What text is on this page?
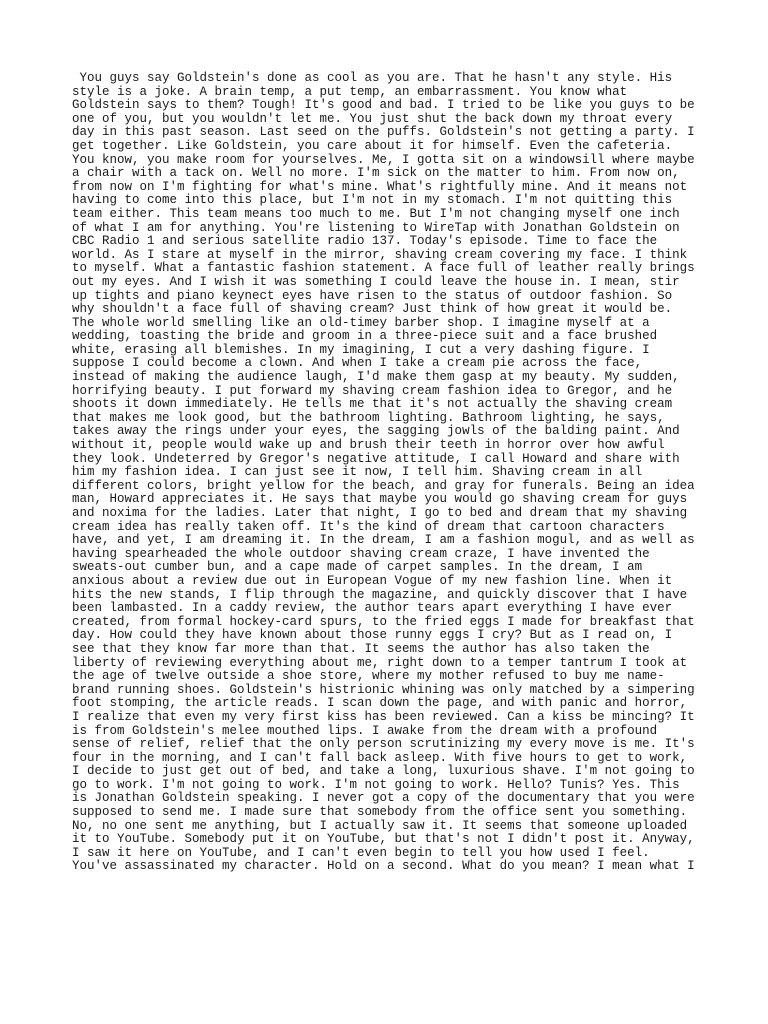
You guys say Goldstein's done as cool as you are. That he hasn't any style. His
style is a joke. A brain temp, a put temp, an embarrassment. You know what
Goldstein says to them? Tough! It's good and bad. I tried to be like you guys to be
one of you, but you wouldn't let me. You just shut the back down my throat every
day in this past season. Last seed on the puffs. Goldstein's not getting a party. I
get together. Like Goldstein, you care about it for himself. Even the cafeteria.
You know, you make room for yourselves. Me, I gotta sit on a windowsill where maybe
a chair with a tack on. Well no more. I'm sick on the matter to him. From now on,
from now on I'm fighting for what's mine. What's rightfully mine. And it means not
having to come into this place, but I'm not in my stomach. I'm not quitting this
team either. This team means too much to me. But I'm not changing myself one inch
of what I am for anything. You're listening to WireTap with Jonathan Goldstein on
CBC Radio 1 and serious satellite radio 137. Today's episode. Time to face the
world. As I stare at myself in the mirror, shaving cream covering my face. I think
to myself. What a fantastic fashion statement. A face full of leather really brings
out my eyes. And I wish it was something I could leave the house in. I mean, stir
up tights and piano keynect eyes have risen to the status of outdoor fashion. So
why shouldn't a face full of shaving cream? Just think of how great it would be.
The whole world smelling like an old-timey barber shop. I imagine myself at a
wedding, toasting the bride and groom in a three-piece suit and a face brushed
white, erasing all blemishes. In my imagining, I cut a very dashing figure. I
suppose I could become a clown. And when I take a cream pie across the face,
instead of making the audience laugh, I'd make them gasp at my beauty. My sudden,
horrifying beauty. I put forward my shaving cream fashion idea to Gregor, and he
shoots it down immediately. He tells me that it's not actually the shaving cream
that makes me look good, but the bathroom lighting. Bathroom lighting, he says,
takes away the rings under your eyes, the sagging jowls of the balding paint. And
without it, people would wake up and brush their teeth in horror over how awful
they look. Undeterred by Gregor's negative attitude, I call Howard and share with
him my fashion idea. I can just see it now, I tell him. Shaving cream in all
different colors, bright yellow for the beach, and gray for funerals. Being an idea
man, Howard appreciates it. He says that maybe you would go shaving cream for guys
and noxima for the ladies. Later that night, I go to bed and dream that my shaving
cream idea has really taken off. It's the kind of dream that cartoon characters
have, and yet, I am dreaming it. In the dream, I am a fashion mogul, and as well as
having spearheaded the whole outdoor shaving cream craze, I have invented the
sweats-out cumber bun, and a cape made of carpet samples. In the dream, I am
anxious about a review due out in European Vogue of my new fashion line. When it
hits the new stands, I flip through the magazine, and quickly discover that I have
been lambasted. In a caddy review, the author tears apart everything I have ever
created, from formal hockey-card spurs, to the fried eggs I made for breakfast that
day. How could they have known about those runny eggs I cry? But as I read on, I
see that they know far more than that. It seems the author has also taken the
liberty of reviewing everything about me, right down to a temper tantrum I took at
the age of twelve outside a shoe store, where my mother refused to buy me name-
brand running shoes. Goldstein's histrionic whining was only matched by a simpering
foot stomping, the article reads. I scan down the page, and with panic and horror,
I realize that even my very first kiss has been reviewed. Can a kiss be mincing? It
is from Goldstein's melee mouthed lips. I awake from the dream with a profound
sense of relief, relief that the only person scrutinizing my every move is me. It's
four in the morning, and I can't fall back asleep. With five hours to get to work,
I decide to just get out of bed, and take a long, luxurious shave. I'm not going to
go to work. I'm not going to work. I'm not going to work. Hello? Tunis? Yes. This
is Jonathan Goldstein speaking. I never got a copy of the documentary that you were
supposed to send me. I made sure that somebody from the office sent you something.
No, no one sent me anything, but I actually saw it. It seems that someone uploaded
it to YouTube. Somebody put it on YouTube, but that's not I didn't post it. Anyway,
I saw it here on YouTube, and I can't even begin to tell you how used I feel.
You've assassinated my character. Hold on a second. What do you mean? I mean what I
